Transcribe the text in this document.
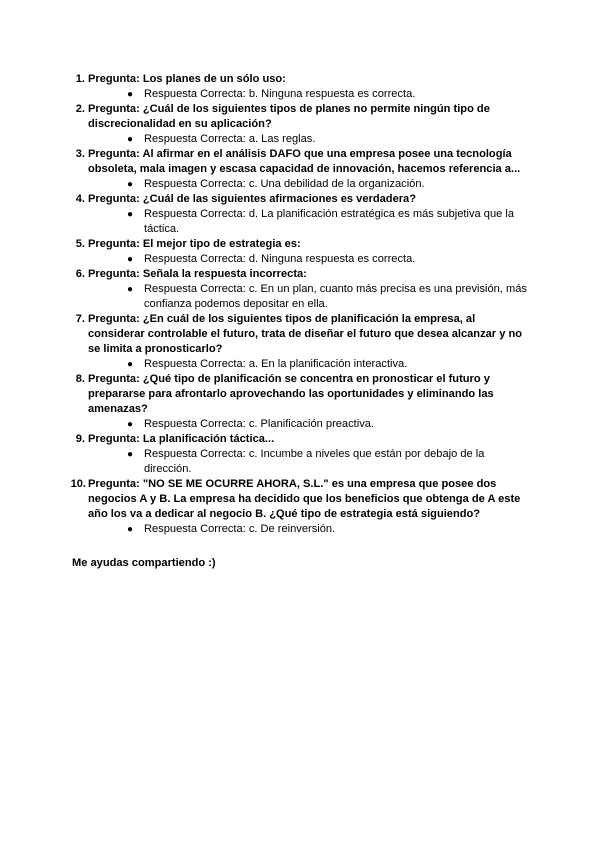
1. Pregunta: Los planes de un sólo uso:
● Respuesta Correcta: b. Ninguna respuesta es correcta.
2. Pregunta: ¿Cuál de los siguientes tipos de planes no permite ningún tipo de discrecionalidad en su aplicación?
● Respuesta Correcta: a. Las reglas.
3. Pregunta: Al afirmar en el análisis DAFO que una empresa posee una tecnología obsoleta, mala imagen y escasa capacidad de innovación, hacemos referencia a...
● Respuesta Correcta: c. Una debilidad de la organización.
4. Pregunta: ¿Cuál de las siguientes afirmaciones es verdadera?
● Respuesta Correcta: d. La planificación estratégica es más subjetiva que la táctica.
5. Pregunta: El mejor tipo de estrategia es:
● Respuesta Correcta: d. Ninguna respuesta es correcta.
6. Pregunta: Señala la respuesta incorrecta:
● Respuesta Correcta: c. En un plan, cuanto más precisa es una previsión, más confianza podemos depositar en ella.
7. Pregunta: ¿En cuál de los siguientes tipos de planificación la empresa, al considerar controlable el futuro, trata de diseñar el futuro que desea alcanzar y no se limita a pronosticarlo?
● Respuesta Correcta: a. En la planificación interactiva.
8. Pregunta: ¿Qué tipo de planificación se concentra en pronosticar el futuro y prepararse para afrontarlo aprovechando las oportunidades y eliminando las amenazas?
● Respuesta Correcta: c. Planificación preactiva.
9. Pregunta: La planificación táctica...
● Respuesta Correcta: c. Incumbe a niveles que están por debajo de la dirección.
10. Pregunta: "NO SE ME OCURRE AHORA, S.L." es una empresa que posee dos negocios A y B. La empresa ha decidido que los beneficios que obtenga de A este año los va a dedicar al negocio B. ¿Qué tipo de estrategia está siguiendo?
● Respuesta Correcta: c. De reinversión.
Me ayudas compartiendo :)
